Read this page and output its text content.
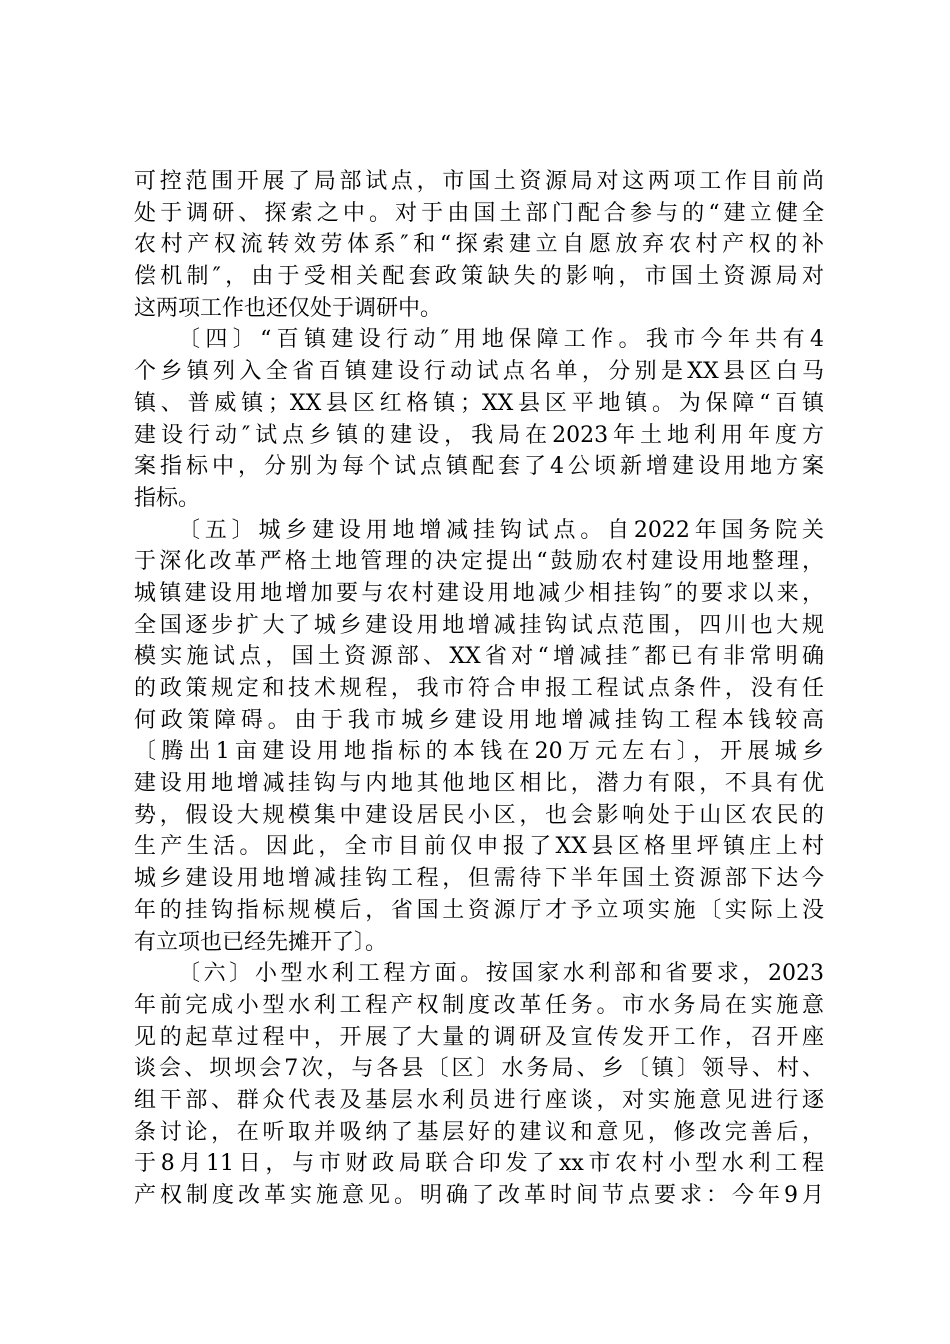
可控范围开展了局部试点，市国土资源局对这两项工作目前尚
处于调研、探索之中。对于由国土部门配合参与的“建立健全
农村产权流转效劳体系″和“探索建立自愿放弃农村产权的补
偿机制″，由于受相关配套政策缺失的影响，市国土资源局对
这两项工作也还仅处于调研中。
〔四〕“百镇建设行动″用地保障工作。我市今年共有4
个乡镇列入全省百镇建设行动试点名单，分别是XX县区白马
镇、普威镇；XX县区红格镇；XX县区平地镇。为保障“百镇
建设行动″试点乡镇的建设，我局在2023年土地利用年度方
案指标中，分别为每个试点镇配套了4公顷新增建设用地方案
指标。
〔五〕城乡建设用地增减挂钩试点。自2022年国务院关
于深化改革严格土地管理的决定提出“鼓励农村建设用地整理，
城镇建设用地增加要与农村建设用地减少相挂钩″的要求以来，
全国逐步扩大了城乡建设用地增减挂钩试点范围，四川也大规
模实施试点，国土资源部、XX省对“增减挂″都已有非常明确
的政策规定和技术规程，我市符合申报工程试点条件，没有任
何政策障碍。由于我市城乡建设用地增减挂钩工程本钱较高
〔腾出1亩建设用地指标的本钱在20万元左右〕，开展城乡
建设用地增减挂钩与内地其他地区相比，潜力有限，不具有优
势，假设大规模集中建设居民小区，也会影响处于山区农民的
生产生活。因此，全市目前仅申报了XX县区格里坪镇庄上村
城乡建设用地增减挂钩工程，但需待下半年国土资源部下达今
年的挂钩指标规模后，省国土资源厅才予立项实施〔实际上没
有立项也已经先摊开了〕。
〔六〕小型水利工程方面。按国家水利部和省要求，2023
年前完成小型水利工程产权制度改革任务。市水务局在实施意
见的起草过程中，开展了大量的调研及宣传发开工作，召开座
谈会、坝坝会7次，与各县〔区〕水务局、乡〔镇〕领导、村、
组干部、群众代表及基层水利员进行座谈，对实施意见进行逐
条讨论，在听取并吸纳了基层好的建议和意见，修改完善后，
于8月11日，与市财政局联合印发了xx市农村小型水利工程
产权制度改革实施意见。明确了改革时间节点要求：今年9月
